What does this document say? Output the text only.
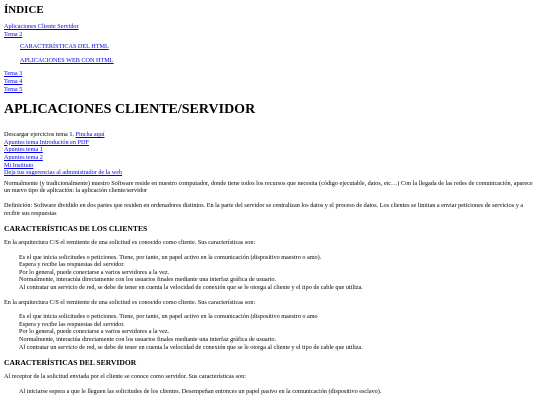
ÍNDICE
Aplicaciones Cliente Servidor
Tema 2
CARACTERÍSTICAS DEL HTML
APLICACIONES WEB CON HTML
Tema 3
Tema 4
Tema 5
APLICACIONES CLIENTE/SERVIDOR
Descargar ejercicios tema 1. Pincha aquí
Apuntes tema Introdución en PDF
Apuntes tema 1
Apuntes tema 2
Mi Instituto
Deja tus sugerencias al administrador de la web

Normalmente (y tradicionalmente) nuestro Software reside en nuestro computador, donde tiene todos los recursos que necesita (código ejecutable, datos, etc…) Con la llegada de las redes de comunicación, aparece un nuevo tipo de aplicación: la aplicación cliente/servidor

Definición: Software dividido en dos partes que residen en ordenadores distintos. En la parte del servidor se centralizan los datos y el proceso de datos. Los clientes se limitan a enviar peticiones de servicios y a recibir sus respuestas

CARACTERÍSTICAS DE LOS CLIENTES

En la arquitectura C/S el remitente de una solicitud es conocido como cliente. Sus características son:

Es el que inicia solicitudes o peticiones. Tiene, por tanto, un papel activo en la comunicación (dispositivo maestro o amo).
Espera y recibe las respuestas del servidor.
Por lo general, puede conectarse a varios servidores a la vez.
Normalmente, interactúa directamente con los usuarios finales mediante una interfaz gráfica de usuario.
Al contratar un servicio de red, se debe de tener en cuenta la velocidad de conexión que se le otorga al cliente y el tipo de cable que utiliza.

En la arquitectura C/S el remitente de una solicitud es conocido como cliente. Sus características son:

Es el que inicia solicitudes o peticiones. Tiene, por tanto, un papel activo en la comunicación (dispositivo maestro o amo
Espera y recibe las respuestas del servidor.
Por lo general, puede conectarse a varios servidores a la vez.
Normalmente, interactúa directamente con los usuarios finales mediante una interfaz gráfica de usuario.
Al contratar un servicio de red, se debe de tener en cuenta la velocidad de conexión que se le otorga al cliente y el tipo de cable que utiliza.
CARACTERÍSTICAS DEL SERVIDOR

Al receptor de la solicitud enviada por el cliente se conoce como servidor. Sus características son:

Al iniciarse espera a que le lleguen las solicitudes de los clientes. Desempeñan entonces un papel pasivo en la comunicación (dispositivo esclavo).
